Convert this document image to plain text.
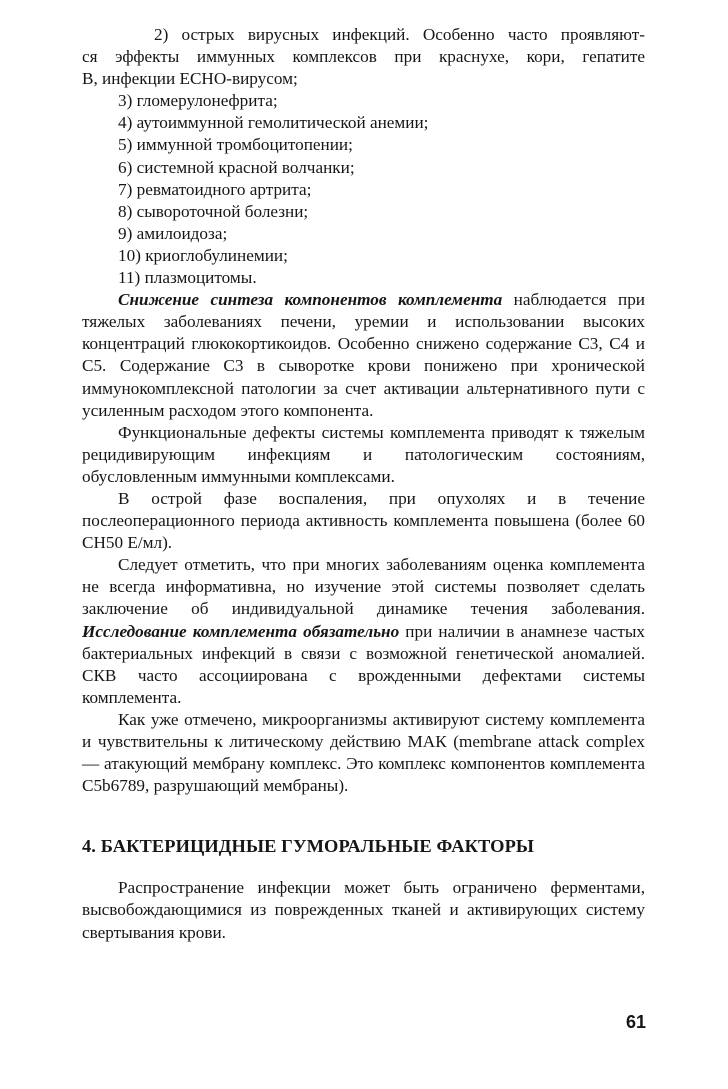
2) острых вирусных инфекций. Особенно часто проявляют-

ся эффекты иммунных комплексов при краснухе, кори, гепатите

В, инфекции ЕСНО-вирусом;

3) гломерулонефрита;
4) аутоиммунной гемолитической анемии;
5) иммунной тромбоцитопении;
6) системной красной волчанки;
7) ревматоидного артрита;
8) сывороточной болезни;
9) амилоидоза;
10) криоглобулинемии;
11) плазмоцитомы.

Снижение синтеза компонентов комплемента наблюдается при тяжелых заболеваниях печени, уремии и использовании высоких концентраций глюкокортикоидов. Особенно снижено содержание С3, С4 и С5. Содержание С3 в сыворотке крови понижено при хронической иммунокомплексной патологии за счет активации альтернативного пути с усиленным расходом этого компонента.

Функциональные дефекты системы комплемента приводят к тяжелым рецидивирующим инфекциям и патологическим состояниям, обусловленным иммунными комплексами.

В острой фазе воспаления, при опухолях и в течение послеоперационного периода активность комплемента повышена (более 60 СН50 Е/мл).

Следует отметить, что при многих заболеваниям оценка комплемента не всегда информативна, но изучение этой системы позволяет сделать заключение об индивидуальной динамике течения заболевания. Исследование комплемента обязательно при наличии в анамнезе частых бактериальных инфекций в связи с возможной генетической аномалией. СКВ часто ассоциирована с врожденными дефектами системы комплемента.

Как уже отмечено, микроорганизмы активируют систему комплемента и чувствительны к литическому действию МАК (membrane attack complex — атакующий мембрану комплекс. Это комплекс компонентов комплемента С5b6789, разрушающий мембраны).

4. БАКТЕРИЦИДНЫЕ ГУМОРАЛЬНЫЕ ФАКТОРЫ

Распространение инфекции может быть ограничено ферментами, высвобождающимися из поврежденных тканей и активирующих систему свертывания крови.

61
